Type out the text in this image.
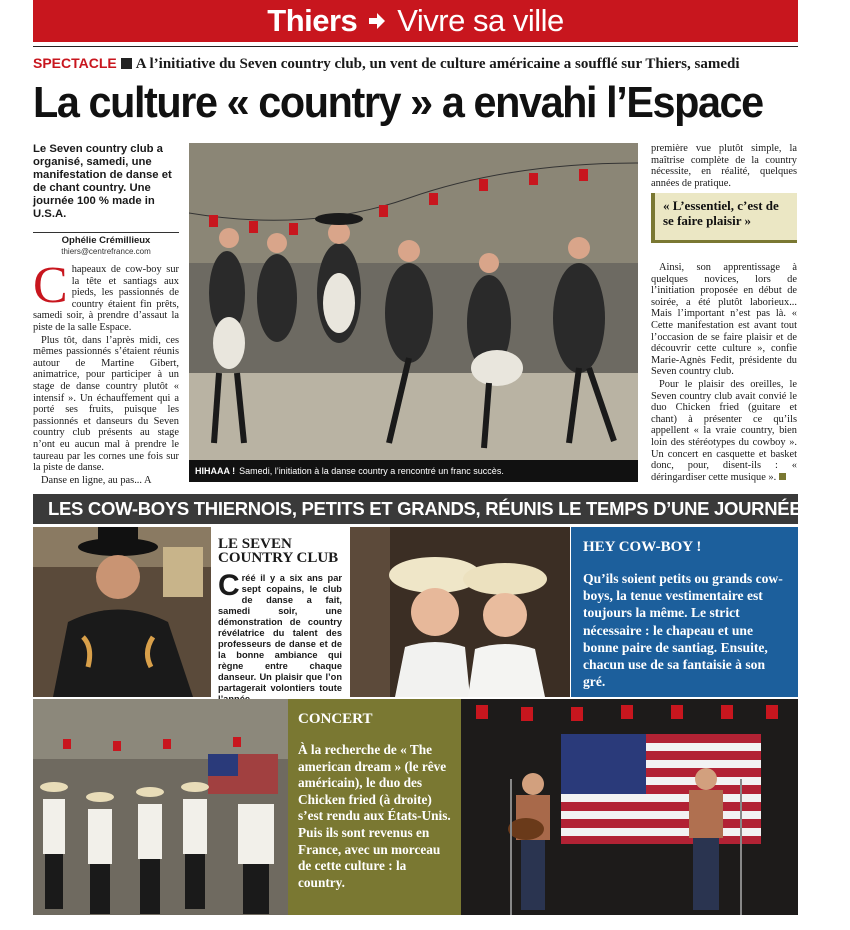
Thiers Vivre sa ville
SPECTACLE A l’initiative du Seven country club, un vent de culture américaine a soufflé sur Thiers, samedi
La culture « country » a envahi l’Espace
Le Seven country club a organisé, samedi, une manifestation de danse et de chant country. Une journée 100 % made in U.S.A.
Ophélie Crémillieux
thiers@centrefrance.com

Chapeaux de cow-boy sur la tête et santiags aux pieds, les passionnés de country étaient fin prêts, samedi soir, à prendre d’assaut la piste de la salle Espace.

Plus tôt, dans l’après midi, ces mêmes passionnés s’étaient réunis autour de Martine Gibert, animatrice, pour participer à un stage de danse country plutôt « intensif ». Un échauffement qui a porté ses fruits, puisque les passionnés et danseurs du Seven country club présents au stage n’ont eu aucun mal à prendre le taureau par les cornes une fois sur la piste de danse.

Danse en ligne, au pas... A

HIHAAA ! Samedi, l’initiation à la danse country a rencontré un franc succès.

première vue plutôt simple, la maîtrise complète de la country nécessite, en réalité, quelques années de pratique.

« L’essentiel, c’est de se faire plaisir »

Ainsi, son apprentissage à quelques novices, lors de l’initiation proposée en début de soirée, a été plutôt laborieux... Mais l’important n’est pas là. « Cette manifestation est avant tout l’occasion de se faire plaisir et de découvrir cette culture », confie Marie-Agnès Fedit, présidente du Seven country club.

Pour le plaisir des oreilles, le Seven country club avait convié le duo Chicken fried (guitare et chant) à présenter ce qu’ils appellent « la vraie country, bien loin des stéréotypes du cowboy ». Un concert en casquette et basket donc, pour, disent-ils : « déringardiser cette musique ».

LES COW-BOYS THIERNOIS, PETITS ET GRANDS, RÉUNIS LE TEMPS D’UNE JOURNÉE
LE SEVEN COUNTRY CLUB

Créé il y a six ans par sept copains, le club de danse a fait, samedi soir, une démonstration de country révélatrice du talent des professeurs de danse et de la bonne ambiance qui règne entre chaque danseur. Un plaisir que l’on partagerait volontiers toute

HEY COW-BOY !

Qu’ils soient petits ou grands cow-boys, la tenue vestimentaire est toujours la même. Le strict nécessaire : le chapeau et une bonne paire de santiag. Ensuite, chacun use de sa fantaisie à son gré.

CONCERT

À la recherche de « The american dream » (le rêve américain), le duo des Chicken fried (à droite) s’est rendu aux États-Unis. Puis ils sont revenus en France, avec un morceau de cette culture : la country.
